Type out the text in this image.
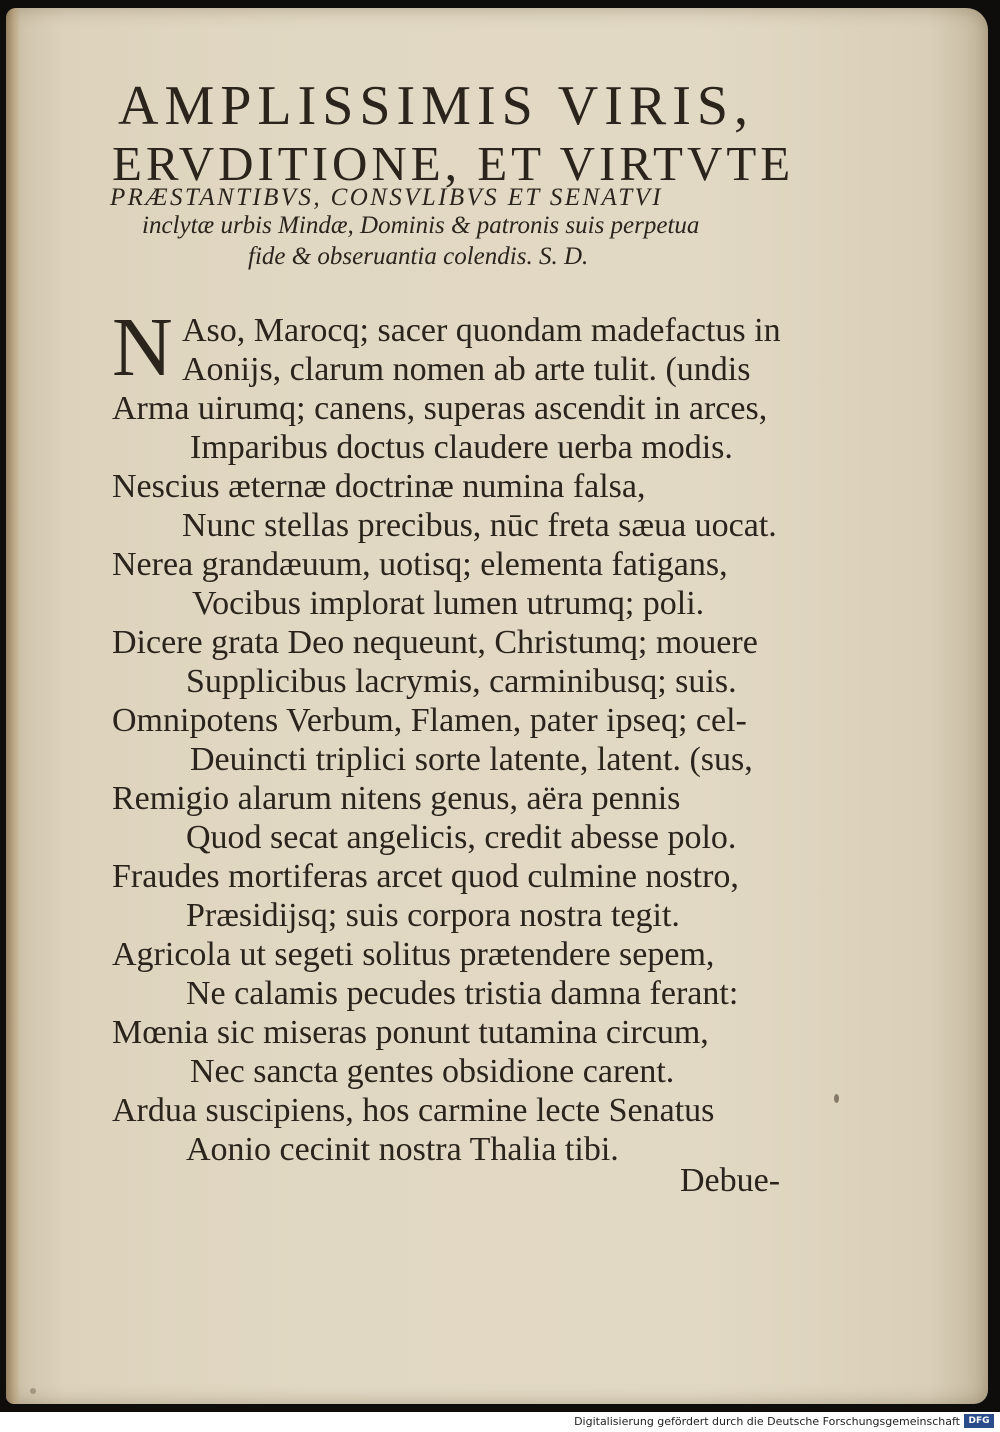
AMPLISSIMIS VIRIS,
ERVDITIONE, ET VIRTVTE
PRÆSTANTIBVS, CONSVLIBVS ET SENATVI
inclytæ urbis Mindæ, Dominis & patronis suis perpetua
fide & obseruantia colendis. S. D.
N Aso, Marocq; sacer quondam madefactus in
Aonijs, clarum nomen ab arte tulit. (undis
Arma uirumq; canens, superas ascendit in arces,
Imparibus doctus claudere uerba modis.
Nescius æternæ doctrinæ numina falsa,
Nunc stellas precibus, nūc freta sæua uocat.
Nerea grandæuum, uotisq; elementa fatigans,
Vocibus implorat lumen utrumq; poli.
Dicere grata Deo nequeunt, Christumq; mouere
Supplicibus lacrymis, carminibusq; suis.
Omnipotens Verbum, Flamen, pater ipseq; cel-
Deuincti triplici sorte latente, latent. (sus,
Remigio alarum nitens genus, aëra pennis
Quod secat angelicis, credit abesse polo.
Fraudes mortiferas arcet quod culmine nostro,
Præsidijsq; suis corpora nostra tegit.
Agricola ut segeti solitus prætendere sepem,
Ne calamis pecudes tristia damna ferant:
Mœnia sic miseras ponunt tutamina circum,
Nec sancta gentes obsidione carent.
Ardua suscipiens, hos carmine lecte Senatus
Aonio cecinit nostra Thalia tibi.
Debue-
Digitalisierung gefördert durch die Deutsche Forschungsgemeinschaft DFG
